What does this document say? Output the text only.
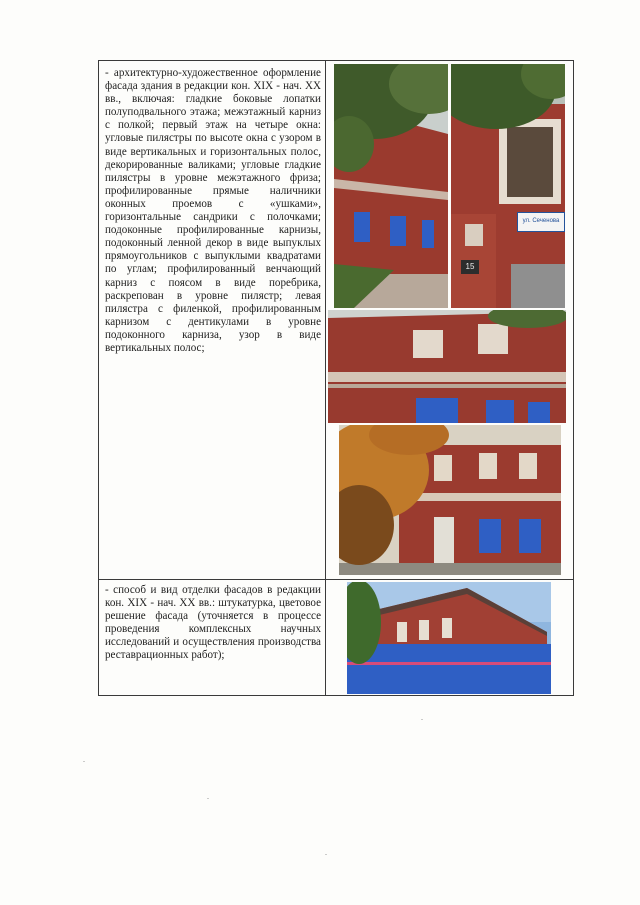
- архитектурно-художественное оформление фасада здания в редакции кон. XIX - нач. XX вв., включая: гладкие боковые лопатки полуподвального этажа; межэтажный карниз с полкой; первый этаж на четыре окна: угловые пилястры по высоте окна с узором в виде вертикальных и горизонтальных полос, декорированные валиками; угловые гладкие пилястры в уровне межэтажного фриза; профилированные прямые наличники оконных проемов с «ушками», горизонтальные сандрики с полочками; подоконные профилированные карнизы, подоконный ленной декор в виде выпуклых прямоугольников с выпуклыми квадратами по углам; профилированный венчающий карниз с поясом в виде поребрика, раскрепован в уровне пилястр; левая пилястра с филенкой, профилированным карнизом с дентикулами в уровне подоконного карниза, узор в виде вертикальных полос;
- способ и вид отделки фасадов в редакции кон. XIX - нач. XX вв.: штукатурка, цветовое решение фасада (уточняется в процессе проведения комплексных научных исследований и осуществления производства реставрационных работ);
ул. Сеченова
15
